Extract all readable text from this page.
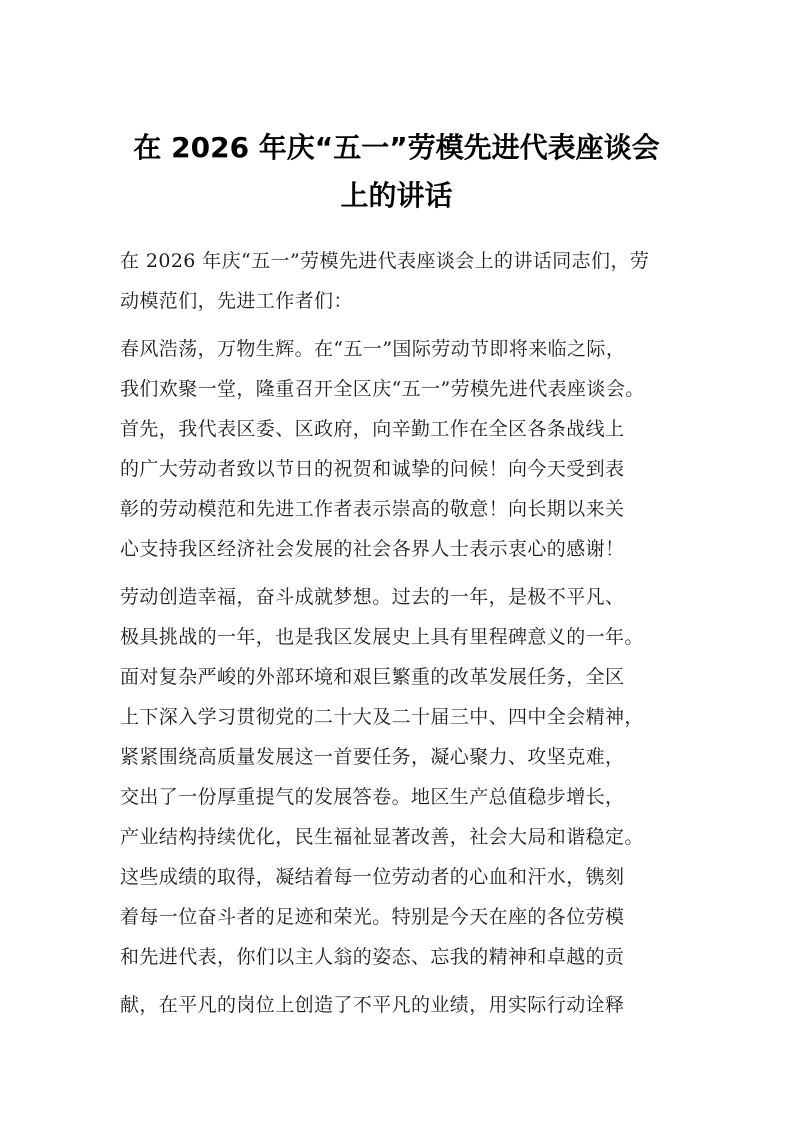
在 2026 年庆“五一”劳模先进代表座谈会
上的讲话
在 2026 年庆“五一”劳模先进代表座谈会上的讲话同志们，劳
动模范们，先进工作者们：
春风浩荡，万物生辉。在“五一”国际劳动节即将来临之际，
我们欢聚一堂，隆重召开全区庆“五一”劳模先进代表座谈会。
首先，我代表区委、区政府，向辛勤工作在全区各条战线上
的广大劳动者致以节日的祝贺和诚挚的问候！向今天受到表
彰的劳动模范和先进工作者表示崇高的敬意！向长期以来关
心支持我区经济社会发展的社会各界人士表示衷心的感谢！
劳动创造幸福，奋斗成就梦想。过去的一年，是极不平凡、
极具挑战的一年，也是我区发展史上具有里程碑意义的一年。
面对复杂严峻的外部环境和艰巨繁重的改革发展任务，全区
上下深入学习贯彻党的二十大及二十届三中、四中全会精神，
紧紧围绕高质量发展这一首要任务，凝心聚力、攻坚克难，
交出了一份厚重提气的发展答卷。地区生产总值稳步增长，
产业结构持续优化，民生福祉显著改善，社会大局和谐稳定。
这些成绩的取得，凝结着每一位劳动者的心血和汗水，镌刻
着每一位奋斗者的足迹和荣光。特别是今天在座的各位劳模
和先进代表，你们以主人翁的姿态、忘我的精神和卓越的贡
献，在平凡的岗位上创造了不平凡的业绩，用实际行动诠释
